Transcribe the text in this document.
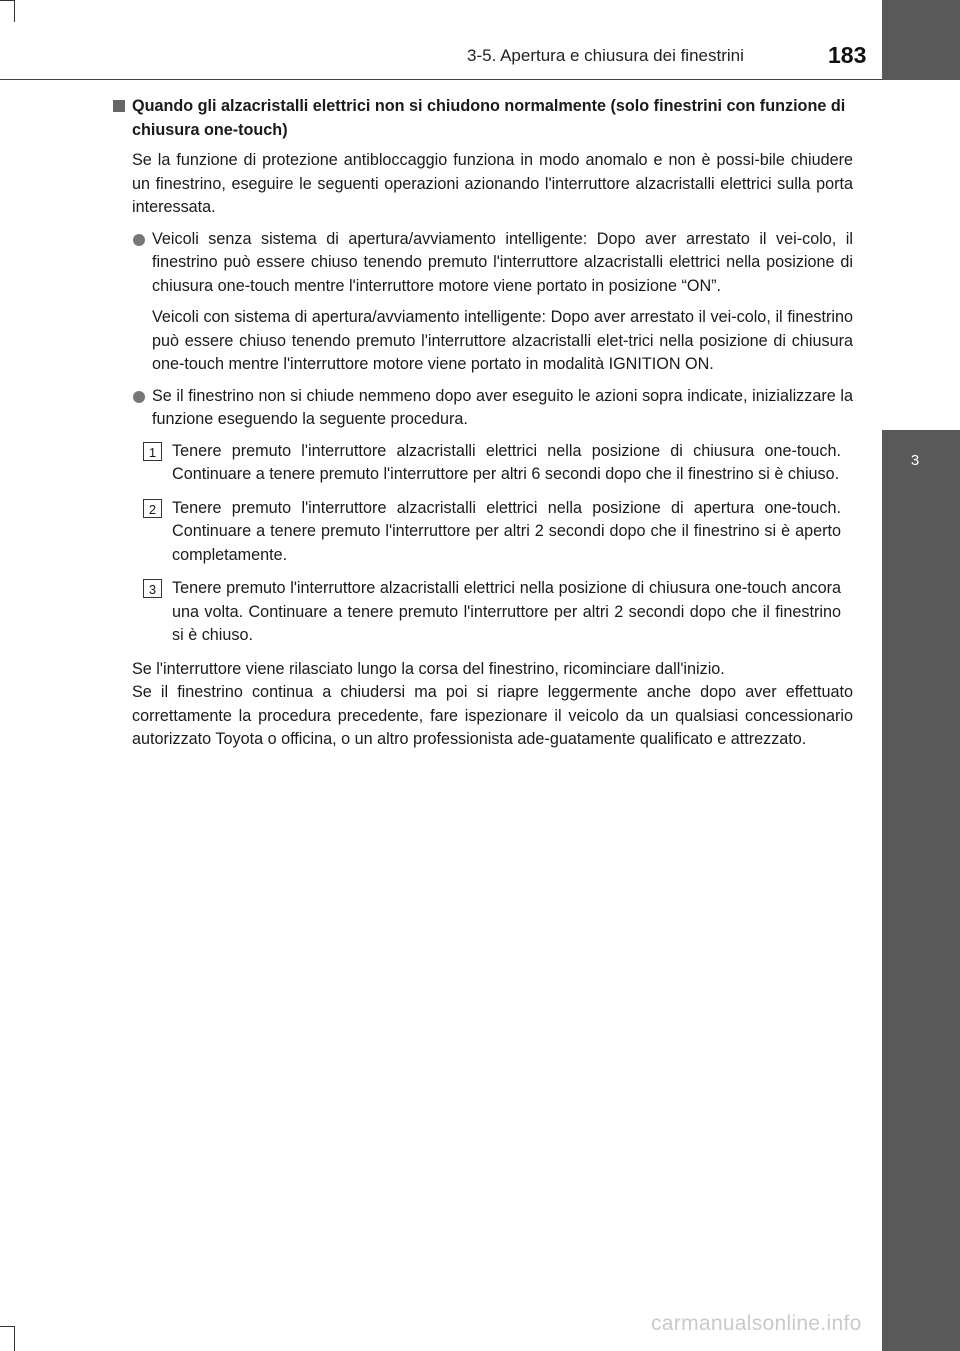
3-5. Apertura e chiusura dei finestrini	183
3
Funzionamento di ciascun componente
Quando gli alzacristalli elettrici non si chiudono normalmente (solo finestrini con funzione di chiusura one-touch)

Se la funzione di protezione antibloccaggio funziona in modo anomalo e non è possi-bile chiudere un finestrino, eseguire le seguenti operazioni azionando l'interruttore alzacristalli elettrici sulla porta interessata.

Veicoli senza sistema di apertura/avviamento intelligente: Dopo aver arrestato il vei-colo, il finestrino può essere chiuso tenendo premuto l'interruttore alzacristalli elettrici nella posizione di chiusura one-touch mentre l'interruttore motore viene portato in posizione “ON”.

Veicoli con sistema di apertura/avviamento intelligente: Dopo aver arrestato il vei-colo, il finestrino può essere chiuso tenendo premuto l'interruttore alzacristalli elet-trici nella posizione di chiusura one-touch mentre l'interruttore motore viene portato in modalità IGNITION ON.

Se il finestrino non si chiude nemmeno dopo aver eseguito le azioni sopra indicate, inizializzare la funzione eseguendo la seguente procedura.
1 Tenere premuto l'interruttore alzacristalli elettrici nella posizione di chiusura one-touch. Continuare a tenere premuto l'interruttore per altri 6 secondi dopo che il finestrino si è chiuso.
2 Tenere premuto l'interruttore alzacristalli elettrici nella posizione di apertura one-touch. Continuare a tenere premuto l'interruttore per altri 2 secondi dopo che il finestrino si è aperto completamente.
3 Tenere premuto l'interruttore alzacristalli elettrici nella posizione di chiusura one-touch ancora una volta. Continuare a tenere premuto l'interruttore per altri 2 secondi dopo che il finestrino si è chiuso.

Se l'interruttore viene rilasciato lungo la corsa del finestrino, ricominciare dall'inizio.

Se il finestrino continua a chiudersi ma poi si riapre leggermente anche dopo aver effettuato correttamente la procedura precedente, fare ispezionare il veicolo da un qualsiasi concessionario autorizzato Toyota o officina, o un altro professionista ade-guatamente qualificato e attrezzato.

carmanualsonline.info
